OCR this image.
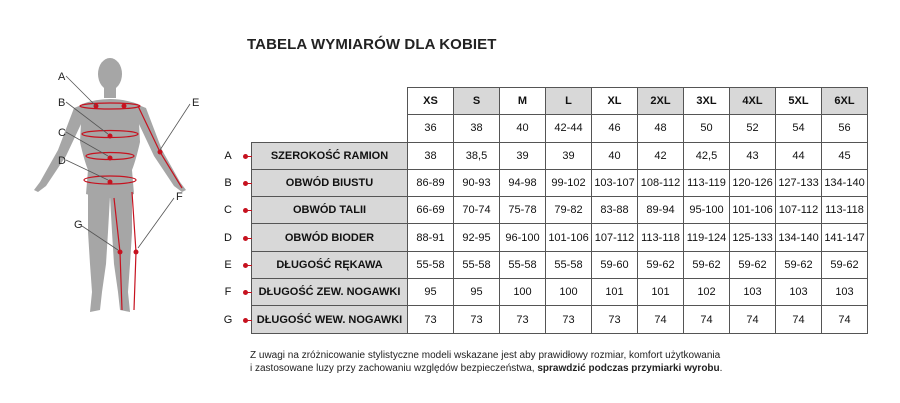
TABELA WYMIARÓW DLA KOBIET
A
B
C
D
E
F
G
			XS	S	M	L	XL	2XL	3XL	4XL	5XL	6XL
			36	38	40	42-44	46	48	50	52	54	56
A		SZEROKOŚĆ RAMION	38	38,5	39	39	40	42	42,5	43	44	45
B		OBWÓD BIUSTU	86-89	90-93	94-98	99-102	103-107	108-112	113-119	120-126	127-133	134-140
C		OBWÓD TALII	66-69	70-74	75-78	79-82	83-88	89-94	95-100	101-106	107-112	113-118
D		OBWÓD BIODER	88-91	92-95	96-100	101-106	107-112	113-118	119-124	125-133	134-140	141-147
E		DŁUGOŚĆ RĘKAWA	55-58	55-58	55-58	55-58	59-60	59-62	59-62	59-62	59-62	59-62
F		DŁUGOŚĆ ZEW. NOGAWKI	95	95	100	100	101	101	102	103	103	103
G		DŁUGOŚĆ WEW. NOGAWKI	73	73	73	73	73	74	74	74	74	74
Z uwagi na zróżnicowanie stylistyczne modeli wskazane jest aby prawidłowy rozmiar, komfort użytkowania
i zastosowane luzy przy zachowaniu względów bezpieczeństwa, sprawdzić podczas przymiarki wyrobu.
